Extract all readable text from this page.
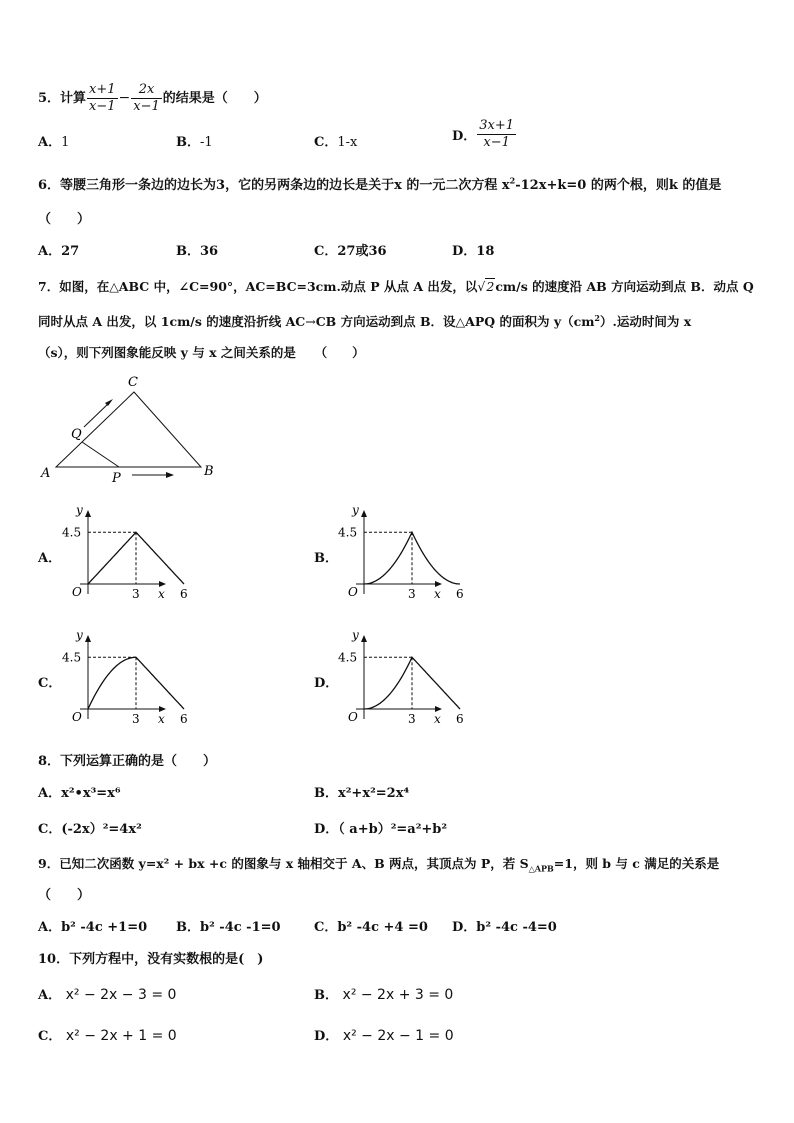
5．计算 $\frac{x+1}{x-1} - \frac{2x}{x-1}$ 的结果是（　　）
A．1	B．-1	C．1-x	D． $\frac{3x+1}{x-1}$
6．等腰三角形一条边的边长为3，它的另两条边的边长是关于x 的一元二次方程 $x^2-12x+k=0$ 的两个根，则k 的值是
（　　）
A．27	B．36	C．27或36	D．18
7．如图，在△ABC 中，∠C=90°，AC=BC=3cm.动点 P 从点 A 出发，以√2cm/s 的速度沿 AB 方向运动到点 B．动点 Q
同时从点 A 出发，以 1cm/s 的速度沿折线 AC→CB 方向运动到点 B．设△APQ 的面积为 $y(cm^2)$.运动时间为 x
（s），则下列图象能反映 y 与 x 之间关系的是　　（　　）
C
Q
A	P	B
A．	B．
C．	D．
y
x
O
4.5
3	6
y
x
O
4.5
3	6
y
x
O
4.5
3	6
y
x
O
4.5
3	6
8．下列运算正确的是（　　）
A．x²•x³=x⁶	B．x²+x²=2x⁴
C．(-2x）²=4x²	D．（ a+b）²=a²+b²
9．已知二次函数 y=x² + bx +c 的图象与 x 轴相交于 A、B 两点，其顶点为 P，若 $S_{\triangle APB}=1$，则 b 与 c 满足的关系是
（　　）
A．b² -4c +1=0 B．b² -4c -1=0	C．b² -4c +4 =0 D．b² -4c -4=0
10．下列方程中，没有实数根的是(　)
A． x² − 2x − 3 = 0	B． x² − 2x + 3 = 0
C． x² − 2x + 1 = 0	D． x² − 2x − 1 = 0
